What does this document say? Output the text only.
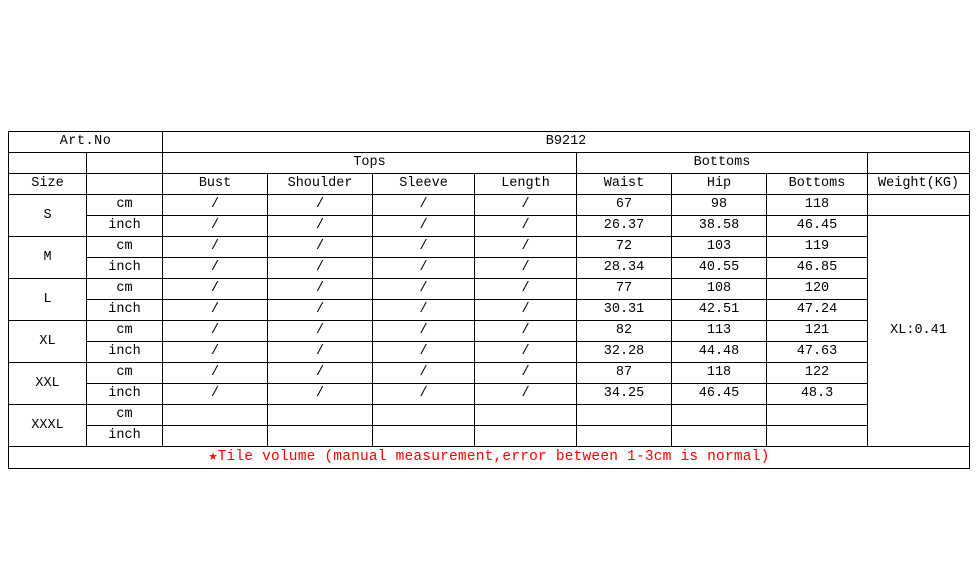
Art.No		B9212							
		Tops				Bottoms			
Size		Bust	Shoulder	Sleeve	Length	Waist	Hip	Bottoms	Weight(KG)
S	cm	/	/	/	/	67	98	118	
	inch	/	/	/	/	26.37	38.58	46.45	XL:0.41
M	cm	/	/	/	/	72	103	119	
	inch	/	/	/	/	28.34	40.55	46.85	
L	cm	/	/	/	/	77	108	120	
	inch	/	/	/	/	30.31	42.51	47.24	
XL	cm	/	/	/	/	82	113	121	
	inch	/	/	/	/	32.28	44.48	47.63	
XXL	cm	/	/	/	/	87	118	122	
	inch	/	/	/	/	34.25	46.45	48.3	
XXXL	cm								
	inch								
★Tile volume (manual measurement,error between 1-3cm is normal)									
